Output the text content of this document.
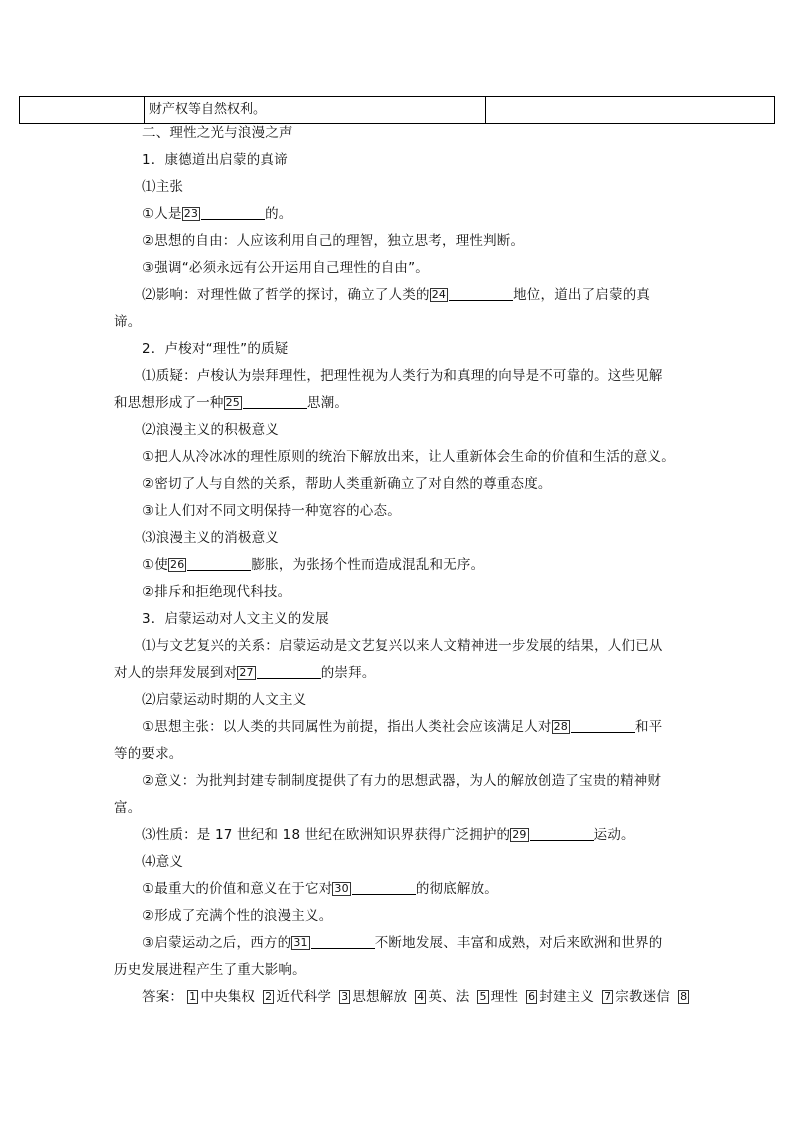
财产权等自然权利。
二、理性之光与浪漫之声
1．康德道出启蒙的真谛
⑴主张
①人是 23	的。
②思想的自由：人应该利用自己的理智，独立思考，理性判断。
③强调“必须永远有公开运用自己理性的自由”。
⑵影响：对理性做了哲学的探讨，确立了人类的 24	地位，道出了启蒙的真
谛。
2．卢梭对“理性”的质疑
⑴质疑：卢梭认为崇拜理性，把理性视为人类行为和真理的向导是不可靠的。这些见解
和思想形成了一种 25	思潮。
⑵浪漫主义的积极意义
①把人从冷冰冰的理性原则的统治下解放出来，让人重新体会生命的价值和生活的意义。
②密切了人与自然的关系，帮助人类重新确立了对自然的尊重态度。
③让人们对不同文明保持一种宽容的心态。
⑶浪漫主义的消极意义
①使 26	膨胀，为张扬个性而造成混乱和无序。
②排斥和拒绝现代科技。
3．启蒙运动对人文主义的发展
⑴与文艺复兴的关系：启蒙运动是文艺复兴以来人文精神进一步发展的结果，人们已从
对人的崇拜发展到对 27	的崇拜。
⑵启蒙运动时期的人文主义
①思想主张：以人类的共同属性为前提，指出人类社会应该满足人对 28	和平
等的要求。
②意义：为批判封建专制制度提供了有力的思想武器，为人的解放创造了宝贵的精神财
富。
⑶性质：是 17 世纪和 18 世纪在欧洲知识界获得广泛拥护的 29	运动。
⑷意义
①最重大的价值和意义在于它对 30	的彻底解放。
②形成了充满个性的浪漫主义。
③启蒙运动之后，西方的 31	不断地发展、丰富和成熟，对后来欧洲和世界的
历史发展进程产生了重大影响。
答案： 1 中央集权 2 近代科学 3 思想解放 4 英、法 5 理性 6 封建主义 7 宗教迷信 8
